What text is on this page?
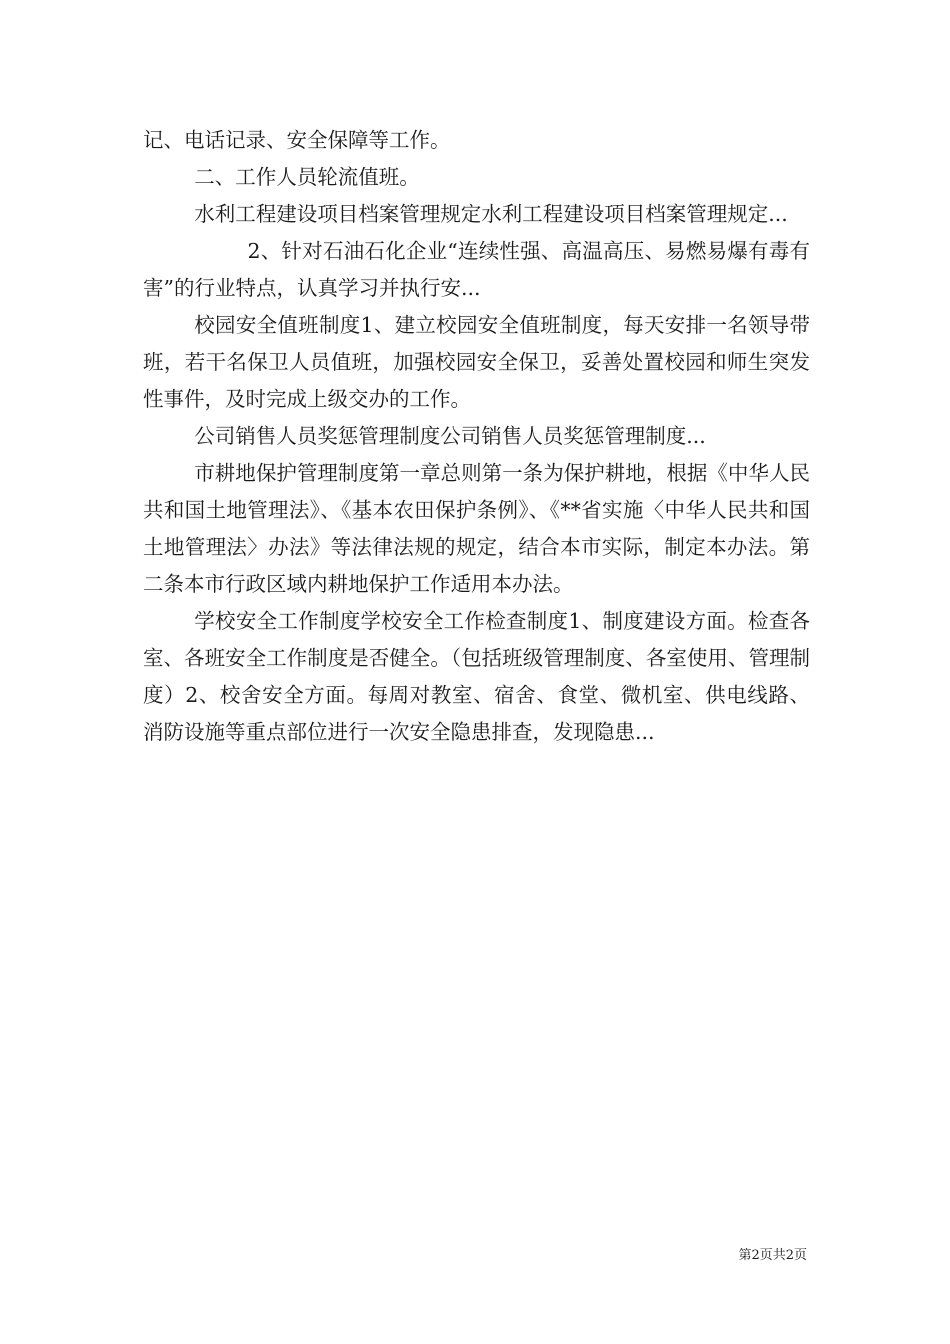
记、电话记录、安全保障等工作。

二、工作人员轮流值班。

水利工程建设项目档案管理规定水利工程建设项目档案管理规定...

2、针对石油石化企业“连续性强、高温高压、易燃易爆有毒有害”的行业特点，认真学习并执行安...

校园安全值班制度1、建立校园安全值班制度，每天安排一名领导带班，若干名保卫人员值班，加强校园安全保卫，妥善处置校园和师生突发性事件，及时完成上级交办的工作。

公司销售人员奖惩管理制度公司销售人员奖惩管理制度...

市耕地保护管理制度第一章总则第一条为保护耕地，根据《中华人民共和国土地管理法》、《基本农田保护条例》、《**省实施〈中华人民共和国土地管理法〉办法》等法律法规的规定，结合本市实际，制定本办法。第二条本市行政区域内耕地保护工作适用本办法。

学校安全工作制度学校安全工作检查制度1、制度建设方面。检查各室、各班安全工作制度是否健全。（包括班级管理制度、各室使用、管理制度）2、校舍安全方面。每周对教室、宿舍、食堂、微机室、供电线路、消防设施等重点部位进行一次安全隐患排查，发现隐患...

第2页共2页
